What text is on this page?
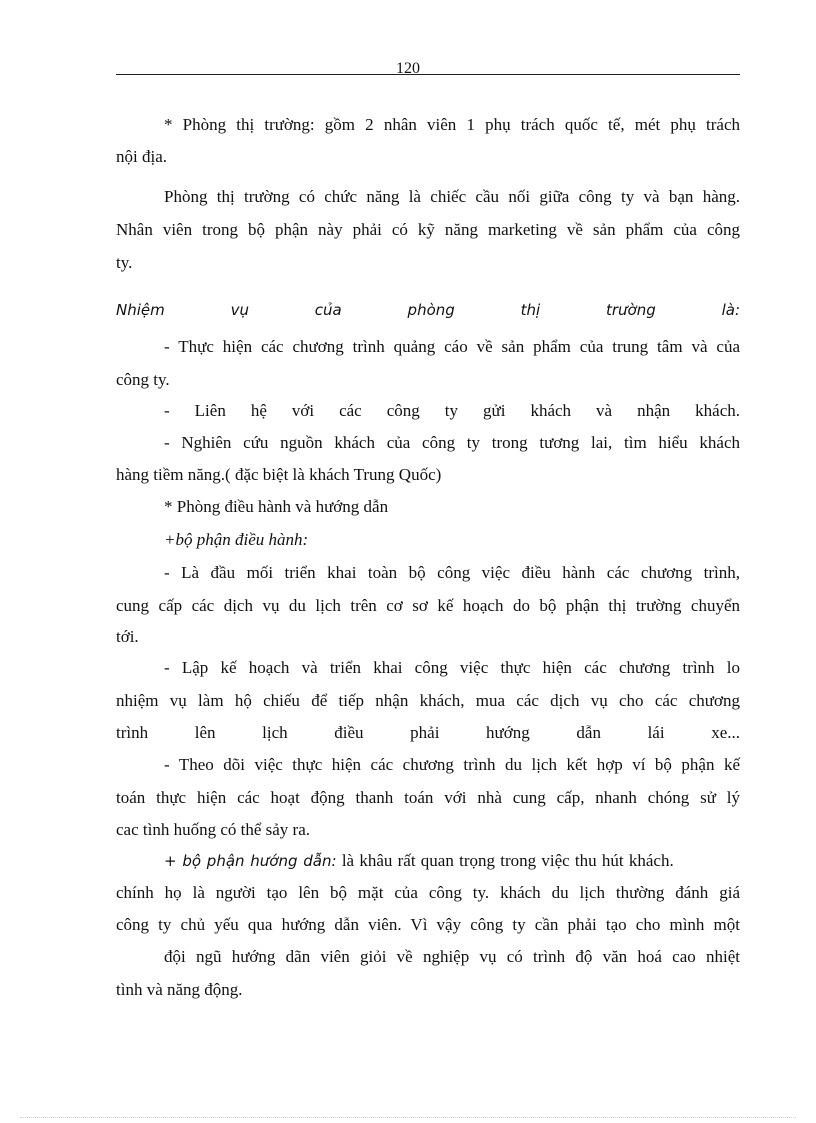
120
* Phòng thị trường: gồm 2 nhân viên 1 phụ trách quốc tế, mét phụ trách
nội địa.
Phòng thị trường có chức năng là chiếc cầu nối giữa công ty và bạn hàng.
Nhân viên trong bộ phận này phải có kỹ năng marketing về sản phẩm của công
ty.
Nhiệm vụ của phòng thị trường là:
- Thực hiện các chương trình quảng cáo về sản phẩm của trung tâm và của
công ty.
- Liên hệ với các công ty gửi khách và nhận khách.
- Nghiên cứu nguồn khách của công ty trong tương lai, tìm hiểu khách
hàng tiềm năng.( đặc biệt là khách Trung Quốc)
* Phòng điều hành và hướng dẫn
+bộ phận điều hành:
- Là đầu mối triển khai toàn bộ công việc điều hành các chương trình,
cung cấp các dịch vụ du lịch trên cơ sơ kế hoạch do bộ phận thị trường chuyển
tới.
- Lập kế hoạch và triển khai công việc thực hiện các chương trình lo
nhiệm vụ làm hộ chiếu để tiếp nhận khách, mua các dịch vụ cho các chương
trình lên lịch điều phải hướng dẫn lái xe...
- Theo dõi việc thực hiện các chương trình du lịch kết hợp ví bộ phận kế
toán thực hiện các hoạt động thanh toán với nhà cung cấp, nhanh chóng sử lý
cac tình huống có thể sảy ra.
+ bộ phận hướng dẫn: là khâu rất quan trọng trong việc thu hút khách.
chính họ là người tạo lên bộ mặt của công ty. khách du lịch thường đánh giá
công ty chủ yếu qua hướng dẫn viên. Vì vậy công ty cần phải tạo cho mình một
đội ngũ hướng dãn viên giỏi về nghiệp vụ có trình độ văn hoá cao nhiệt
tình và năng động.
